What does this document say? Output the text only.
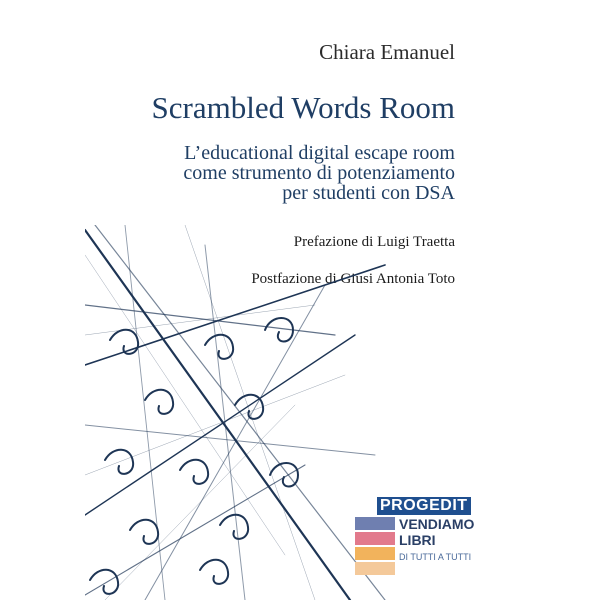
Chiara Emanuel
Scrambled Words Room
L’educational digital escape room
come strumento di potenziamento
per studenti con DSA
Prefazione di Luigi Traetta
Postfazione di Giusi Antonia Toto
PROGEDIT
VENDIAMO
LIBRI
DI TUTTI A TUTTI
